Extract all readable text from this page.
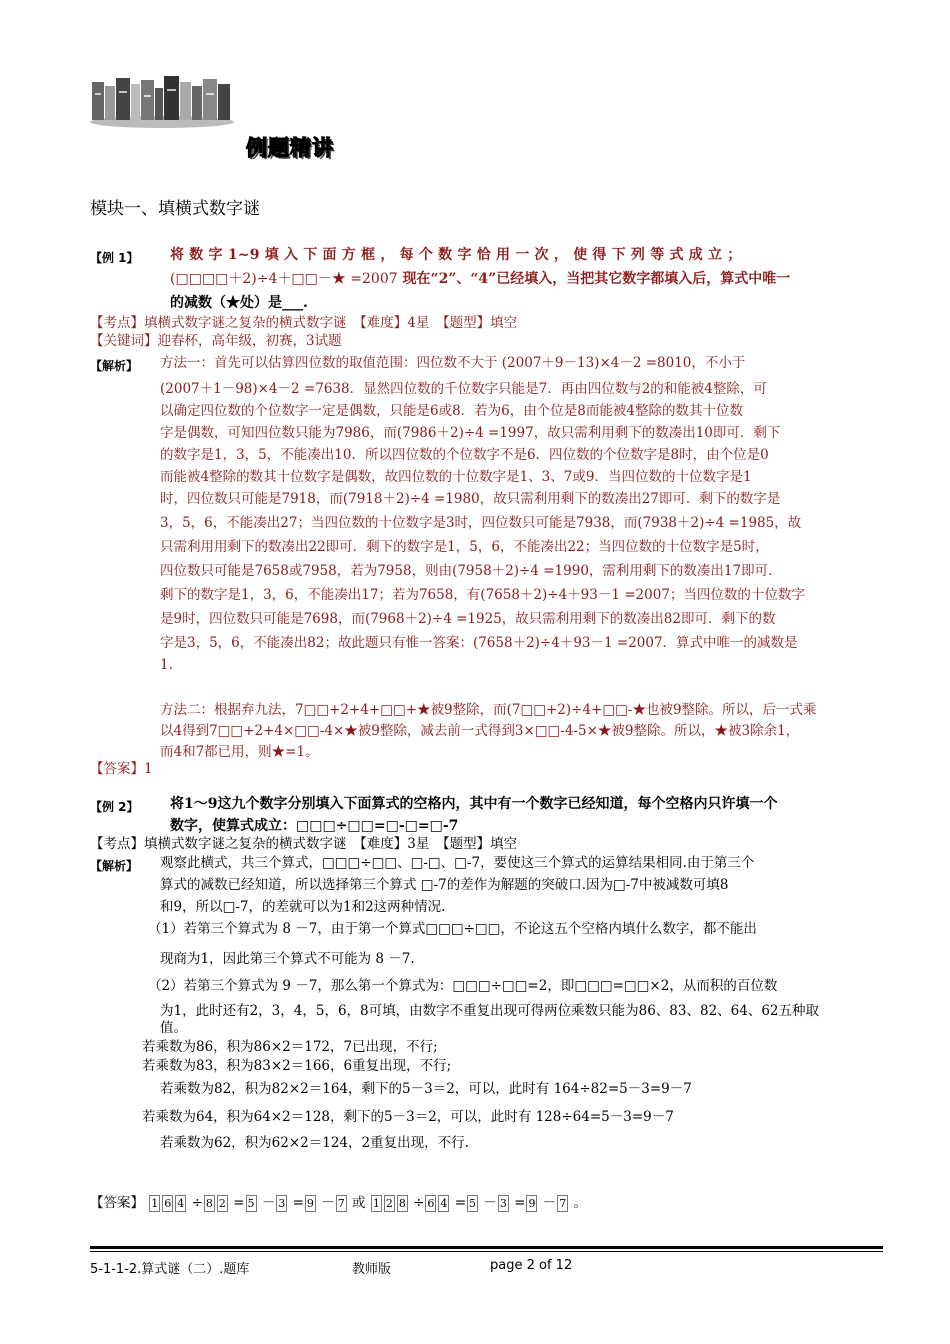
例题精讲
模块一、填横式数字谜
【例 1】 将 数 字 1~9 填 入 下 面 方 框 ， 每 个 数 字 恰 用 一 次 ， 使 得 下 列 等 式 成 立 ；
(□□□□＋2)÷4＋□□－★ =2007 现在“2”、“4”已经填入，当把其它数字都填入后，算式中唯一
的减数（★处）是___.
【考点】填横式数字谜之复杂的横式数字谜　【难度】4星　【题型】填空
【关键词】迎春杯，高年级，初赛，3试题
【解析】 方法一：首先可以估算四位数的取值范围：四位数不大于 (2007＋9－13)×4－2 =8010，不小于
(2007＋1－98)×4－2 =7638．显然四位数的千位数字只能是7．再由四位数与2的和能被4整除，可
以确定四位数的个位数字一定是偶数，只能是6或8．若为6，由个位是8而能被4整除的数其十位数
字是偶数，可知四位数只能为7986，而(7986＋2)÷4 =1997，故只需利用剩下的数凑出10即可．剩下
的数字是1，3，5，不能凑出10．所以四位数的个位数字不是6．四位数的个位数字是8时，由个位是0
而能被4整除的数其十位数字是偶数，故四位数的十位数字是1、3、7或9．当四位数的十位数字是1
时，四位数只可能是7918，而(7918＋2)÷4 =1980，故只需利用剩下的数凑出27即可．剩下的数字是
3，5，6，不能凑出27；当四位数的十位数字是3时，四位数只可能是7938，而(7938＋2)÷4 =1985，故
只需利用用剩下的数凑出22即可．剩下的数字是1，5，6，不能凑出22；当四位数的十位数字是5时，
四位数只可能是7658或7958，若为7958，则由(7958＋2)÷4 =1990，需利用剩下的数凑出17即可．
剩下的数字是1，3，6，不能凑出17；若为7658，有(7658＋2)÷4＋93－1 =2007；当四位数的十位数字
是9时，四位数只可能是7698，而(7968＋2)÷4 =1925，故只需利用剩下的数凑出82即可．剩下的数
字是3，5，6，不能凑出82；故此题只有惟一答案：(7658＋2)÷4＋93－1 =2007．算式中唯一的减数是
1.
方法二：根据弃九法，7□□+2+4+□□+★被9整除，而(7□□+2)÷4+□□-★也被9整除。所以，后一式乘
以4得到7□□+2+4×□□-4×★被9整除，减去前一式得到3×□□-4-5×★被9整除。所以，★被3除余1，
而4和7都已用，则★=1。
【答案】1
【例 2】 将1～9这九个数字分别填入下面算式的空格内，其中有一个数字已经知道，每个空格内只许填一个
数字，使算式成立：□□□÷□□=□-□=□-7
【考点】填横式数字谜之复杂的横式数字谜　【难度】3星　【题型】填空
【解析】 观察此横式，共三个算式，□□□÷□□、□-□、□-7，要使这三个算式的运算结果相同.由于第三个
算式的减数已经知道，所以选择第三个算式 □-7的差作为解题的突破口.因为□-7中被减数可填8
和9，所以□-7，的差就可以为1和2这两种情况.
（1）若第三个算式为 8 －7，由于第一个算式□□□÷□□，不论这五个空格内填什么数字，都不能出
现商为1，因此第三个算式不可能为 8 －7.
（2）若第三个算式为 9 －7，那么第一个算式为：□□□÷□□=2，即□□□=□□×2，从而积的百位数
为1，此时还有2，3，4，5，6，8可填，由数字不重复出现可得两位乘数只能为86、83、82、64、62五种取
值。
若乘数为86，积为86×2＝172，7已出现，不行;
若乘数为83，积为83×2＝166，6重复出现，不行;
若乘数为82，积为82×2＝164，剩下的5－3＝2，可以，此时有 164÷82=5－3=9－7
若乘数为64，积为64×2＝128，剩下的5－3＝2，可以，此时有 128÷64=5－3=9－7
若乘数为62，积为62×2＝124，2重复出现，不行.
【答案】 1 6 4 ÷ 8 2 = 5 － 3 = 9 － 7 或 1 2 8 ÷ 6 4 = 5 － 3 = 9 － 7 。
5-1-1-2.算式谜（二）.题库	教师版	page 2 of 12
